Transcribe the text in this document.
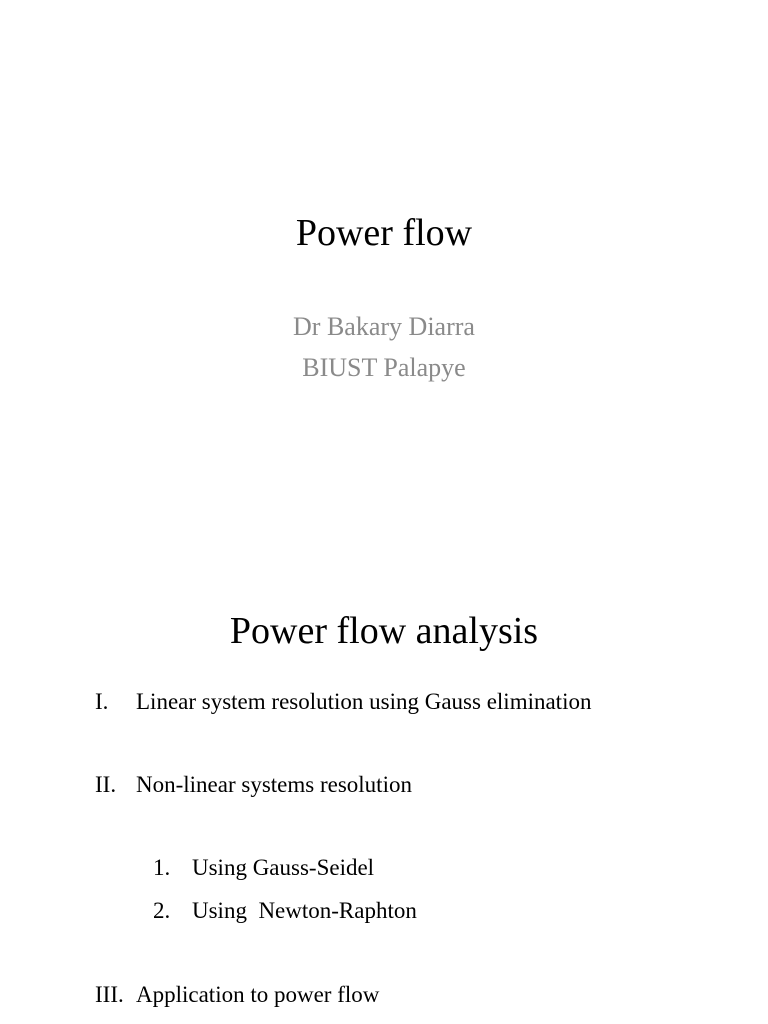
Power flow
Dr Bakary Diarra
BIUST Palapye
Power flow analysis
I. Linear system resolution using Gauss elimination
II. Non-linear systems resolution
1. Using Gauss-Seidel
2. Using  Newton-Raphton
III. Application to power flow
